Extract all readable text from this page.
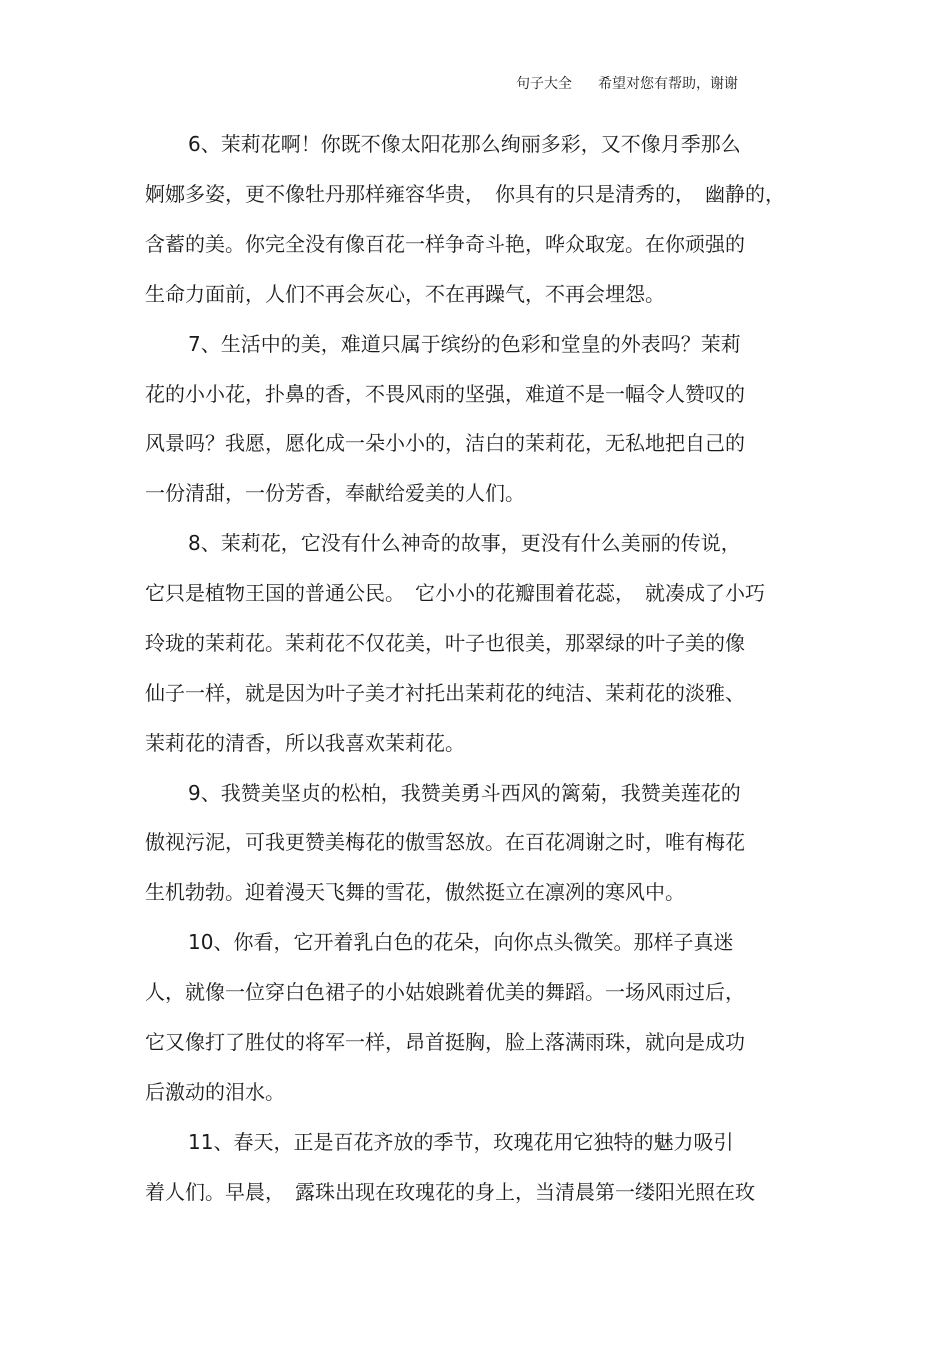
句子大全 希望对您有帮助，谢谢
6、茉莉花啊！你既不像太阳花那么绚丽多彩，又不像月季那么
婀娜多姿，更不像牡丹那样雍容华贵，　你具有的只是清秀的，　幽静的，
含蓄的美。你完全没有像百花一样争奇斗艳，哗众取宠。在你顽强的
生命力面前，人们不再会灰心，不在再躁气，不再会埋怨。
7、生活中的美，难道只属于缤纷的色彩和堂皇的外表吗？茉莉
花的小小花，扑鼻的香，不畏风雨的坚强，难道不是一幅令人赞叹的
风景吗？我愿，愿化成一朵小小的，洁白的茉莉花，无私地把自己的
一份清甜，一份芳香，奉献给爱美的人们。
8、茉莉花，它没有什么神奇的故事，更没有什么美丽的传说，
它只是植物王国的普通公民。　它小小的花瓣围着花蕊，　就凑成了小巧
玲珑的茉莉花。茉莉花不仅花美，叶子也很美，那翠绿的叶子美的像
仙子一样，就是因为叶子美才衬托出茉莉花的纯洁、茉莉花的淡雅、
茉莉花的清香，所以我喜欢茉莉花。
9、我赞美坚贞的松柏，我赞美勇斗西风的篱菊，我赞美莲花的
傲视污泥，可我更赞美梅花的傲雪怒放。在百花凋谢之时，唯有梅花
生机勃勃。迎着漫天飞舞的雪花，傲然挺立在凛冽的寒风中。
10、你看，它开着乳白色的花朵，向你点头微笑。那样子真迷
人，就像一位穿白色裙子的小姑娘跳着优美的舞蹈。一场风雨过后，
它又像打了胜仗的将军一样，昂首挺胸，脸上落满雨珠，就向是成功
后激动的泪水。
11、春天，正是百花齐放的季节，玫瑰花用它独特的魅力吸引
着人们。早晨，　露珠出现在玫瑰花的身上，当清晨第一缕阳光照在玫
